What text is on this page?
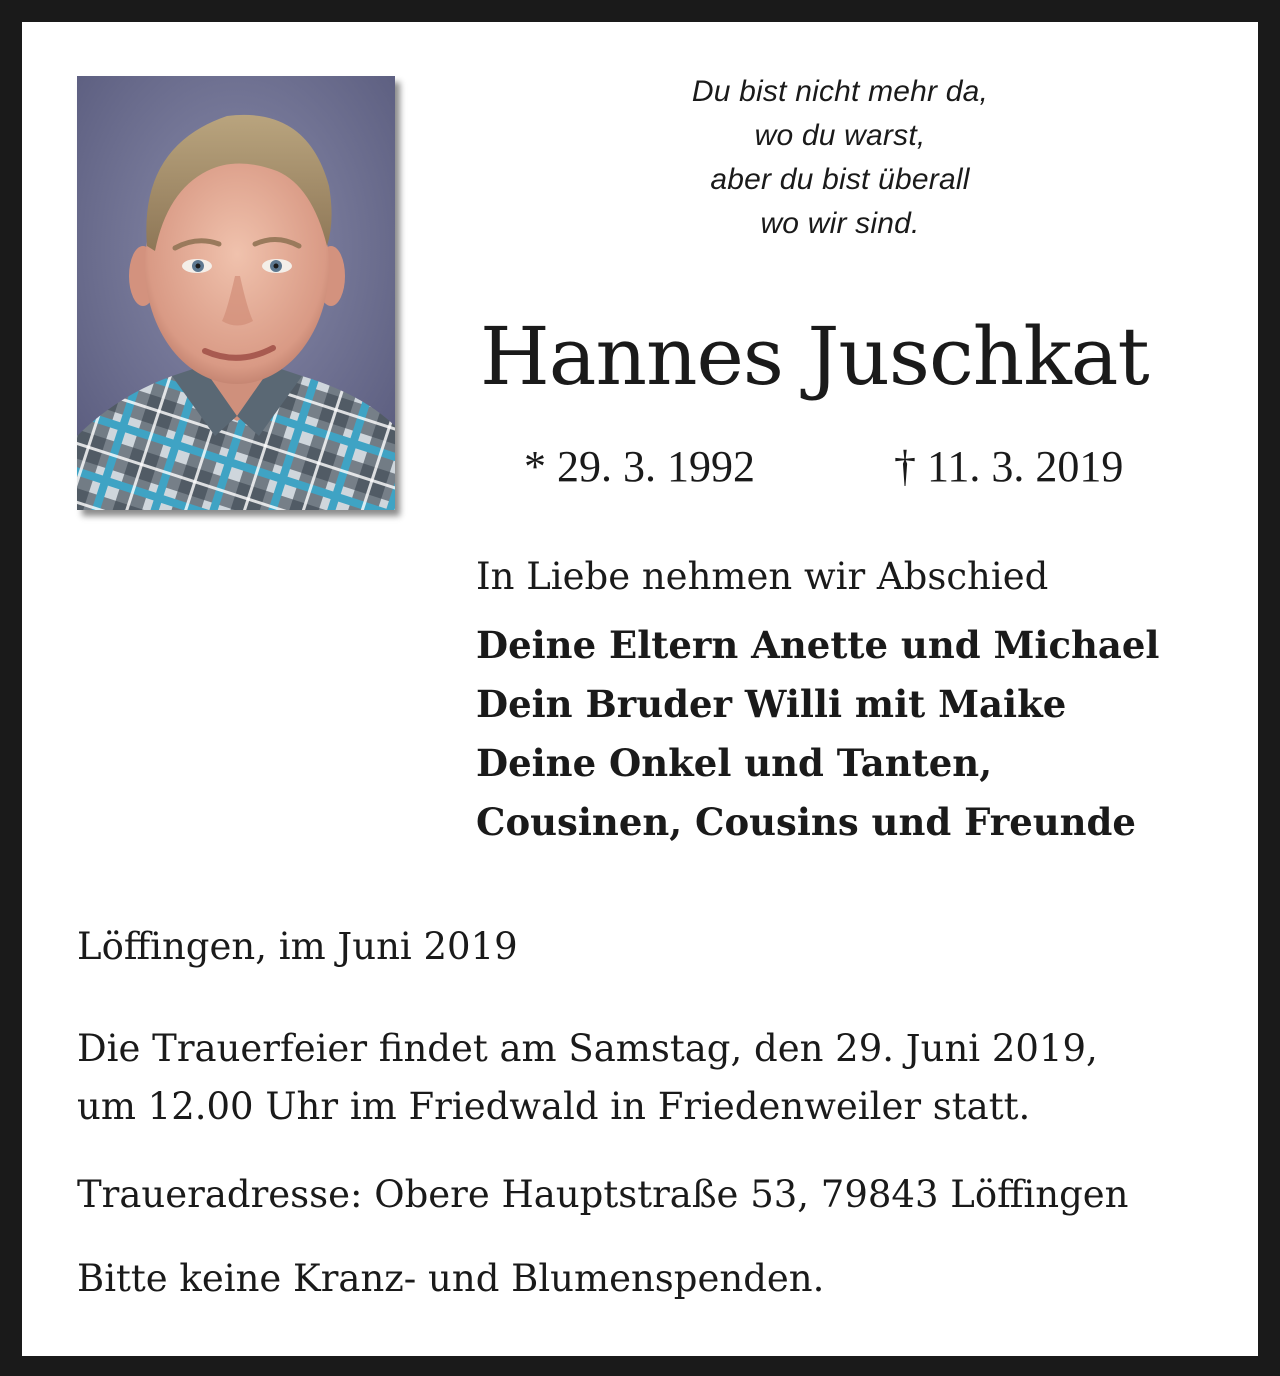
Du bist nicht mehr da,
wo du warst,
aber du bist überall
wo wir sind.
Hannes Juschkat
* 29. 3. 1992	† 11. 3. 2019
In Liebe nehmen wir Abschied
Deine Eltern Anette und Michael
Dein Bruder Willi mit Maike
Deine Onkel und Tanten,
Cousinen, Cousins und Freunde
Löffingen, im Juni 2019
Die Trauerfeier findet am Samstag, den 29. Juni 2019,
um 12.00 Uhr im Friedwald in Friedenweiler statt.
Traueradresse: Obere Hauptstraße 53, 79843 Löffingen
Bitte keine Kranz- und Blumenspenden.
